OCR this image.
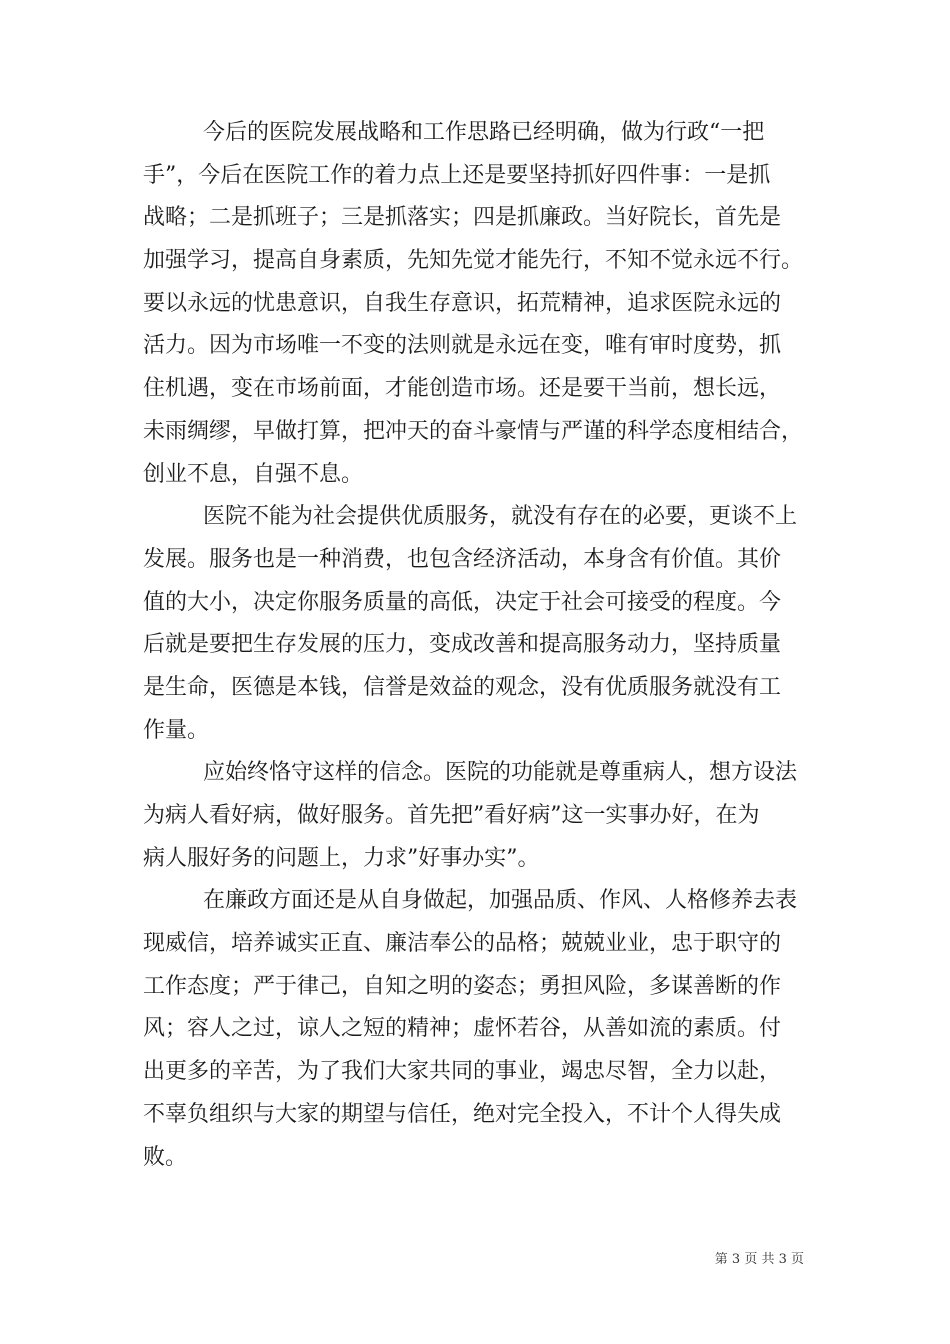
今后的医院发展战略和工作思路已经明确，做为行政“一把
手”，今后在医院工作的着力点上还是要坚持抓好四件事：一是抓
战略；二是抓班子；三是抓落实；四是抓廉政。当好院长，首先是
加强学习，提高自身素质，先知先觉才能先行，不知不觉永远不行。
要以永远的忧患意识，自我生存意识，拓荒精神，追求医院永远的
活力。因为市场唯一不变的法则就是永远在变，唯有审时度势，抓
住机遇，变在市场前面，才能创造市场。还是要干当前，想长远，
未雨绸缪，早做打算，把冲天的奋斗豪情与严谨的科学态度相结合，
创业不息，自强不息。
医院不能为社会提供优质服务，就没有存在的必要，更谈不上
发展。服务也是一种消费，也包含经济活动，本身含有价值。其价
值的大小，决定你服务质量的高低，决定于社会可接受的程度。今
后就是要把生存发展的压力，变成改善和提高服务动力，坚持质量
是生命，医德是本钱，信誉是效益的观念，没有优质服务就没有工
作量。
应始终恪守这样的信念。医院的功能就是尊重病人，想方设法
为病人看好病，做好服务。首先把”看好病”这一实事办好，在为
病人服好务的问题上，力求”好事办实”。
在廉政方面还是从自身做起，加强品质、作风、人格修养去表
现威信，培养诚实正直、廉洁奉公的品格；兢兢业业，忠于职守的
工作态度；严于律己，自知之明的姿态；勇担风险，多谋善断的作
风；容人之过，谅人之短的精神；虚怀若谷，从善如流的素质。付
出更多的辛苦，为了我们大家共同的事业，竭忠尽智，全力以赴，
不辜负组织与大家的期望与信任，绝对完全投入，不计个人得失成
败。
第 3 页 共 3 页
